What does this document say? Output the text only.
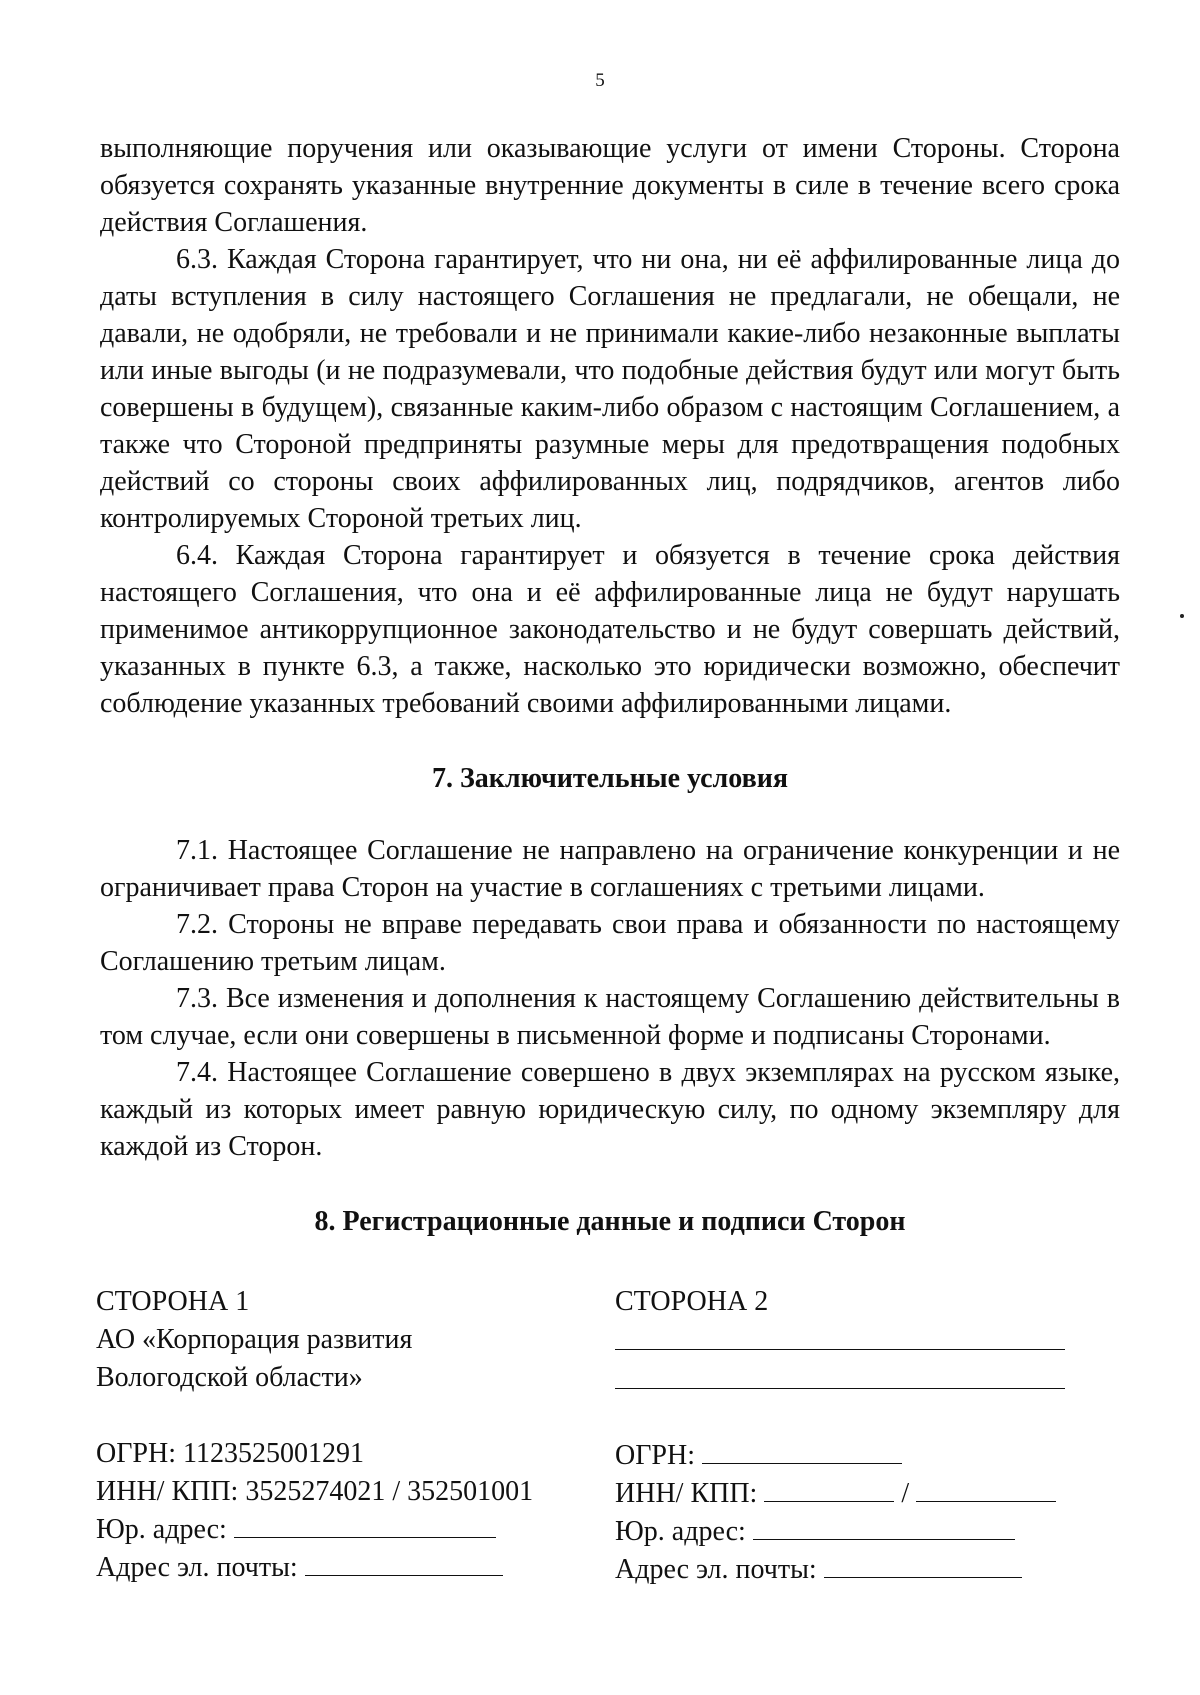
5

выполняющие поручения или оказывающие услуги от имени Стороны. Сторона обязуется сохранять указанные внутренние документы в силе в течение всего срока действия Соглашения.

6.3. Каждая Сторона гарантирует, что ни она, ни её аффилированные лица до даты вступления в силу настоящего Соглашения не предлагали, не обещали, не давали, не одобряли, не требовали и не принимали какие-либо незаконные выплаты или иные выгоды (и не подразумевали, что подобные действия будут или могут быть совершены в будущем), связанные каким-либо образом с настоящим Соглашением, а также что Стороной предприняты разумные меры для предотвращения подобных действий со стороны своих аффилированных лиц, подрядчиков, агентов либо контролируемых Стороной третьих лиц.

6.4. Каждая Сторона гарантирует и обязуется в течение срока действия настоящего Соглашения, что она и её аффилированные лица не будут нарушать применимое антикоррупционное законодательство и не будут совершать действий, указанных в пункте 6.3, а также, насколько это юридически возможно, обеспечит соблюдение указанных требований своими аффилированными лицами.

7. Заключительные условия

7.1. Настоящее Соглашение не направлено на ограничение конкуренции и не ограничивает права Сторон на участие в соглашениях с третьими лицами.

7.2. Стороны не вправе передавать свои права и обязанности по настоящему Соглашению третьим лицам.

7.3. Все изменения и дополнения к настоящему Соглашению действительны в том случае, если они совершены в письменной форме и подписаны Сторонами.

7.4. Настоящее Соглашение совершено в двух экземплярах на русском языке, каждый из которых имеет равную юридическую силу, по одному экземпляру для каждой из Сторон.

8. Регистрационные данные и подписи Сторон

СТОРОНА 1
АО «Корпорация развития
Вологодской области»
ОГРН: 1123525001291
ИНН/ КПП: 3525274021 / 352501001
Юр. адрес:
Адрес эл. почты:
СТОРОНА 2
ОГРН:
ИНН/ КПП:	/
Юр. адрес:
Адрес эл. почты:
